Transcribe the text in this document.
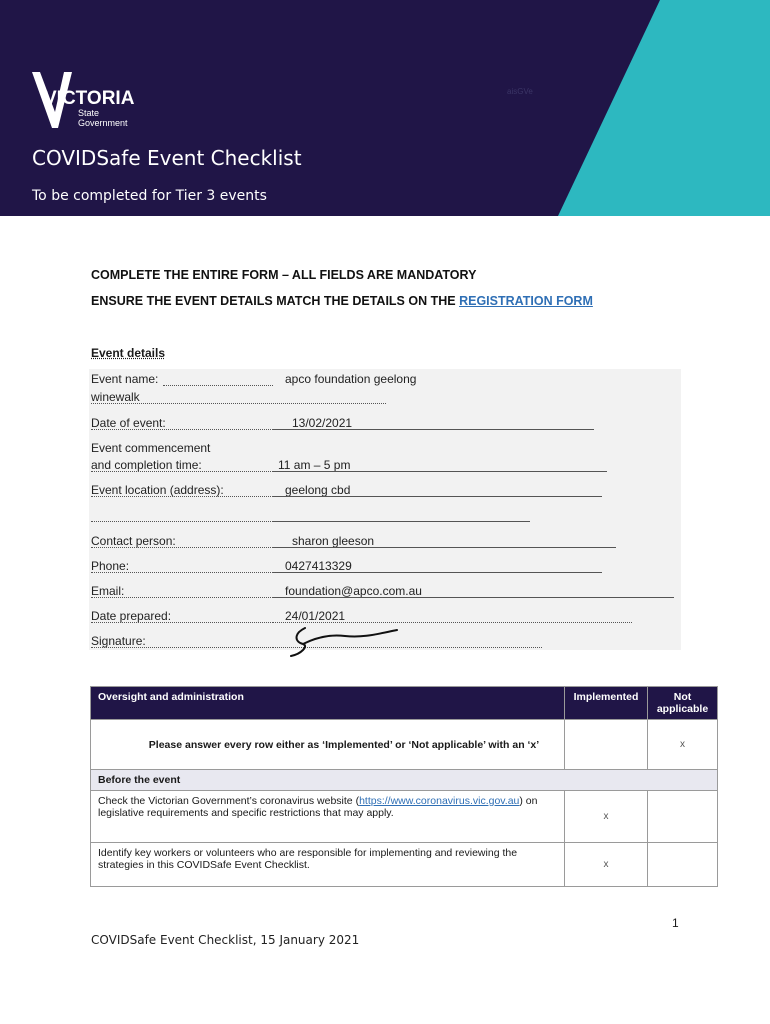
VICTORIA
State Government
aisGVe
COVIDSafe Event Checklist
To be completed for Tier 3 events
COMPLETE THE ENTIRE FORM – ALL FIELDS ARE MANDATORY
ENSURE THE EVENT DETAILS MATCH THE DETAILS ON THE REGISTRATION FORM
Event details
Event name:	apco foundation geelong
winewalk
Date of event:	13/02/2021
Event commencement
and completion time:	11 am – 5 pm
Event location (address):	geelong cbd
Contact person:	sharon gleeson
Phone:	0427413329
Email:	foundation@apco.com.au
Date prepared:	24/01/2021
Signature:
Oversight and administration	Implemented	Not applicable
Please answer every row either as ‘Implemented’ or ‘Not applicable’ with an ‘x’		x
Before the event		
Check the Victorian Government’s coronavirus website (https://www.coronavirus.vic.gov.au) on legislative requirements and specific restrictions that may apply.	x	
Identify key workers or volunteers who are responsible for implementing and reviewing the strategies in this COVIDSafe Event Checklist.	x	
1
COVIDSafe Event Checklist, 15 January 2021
